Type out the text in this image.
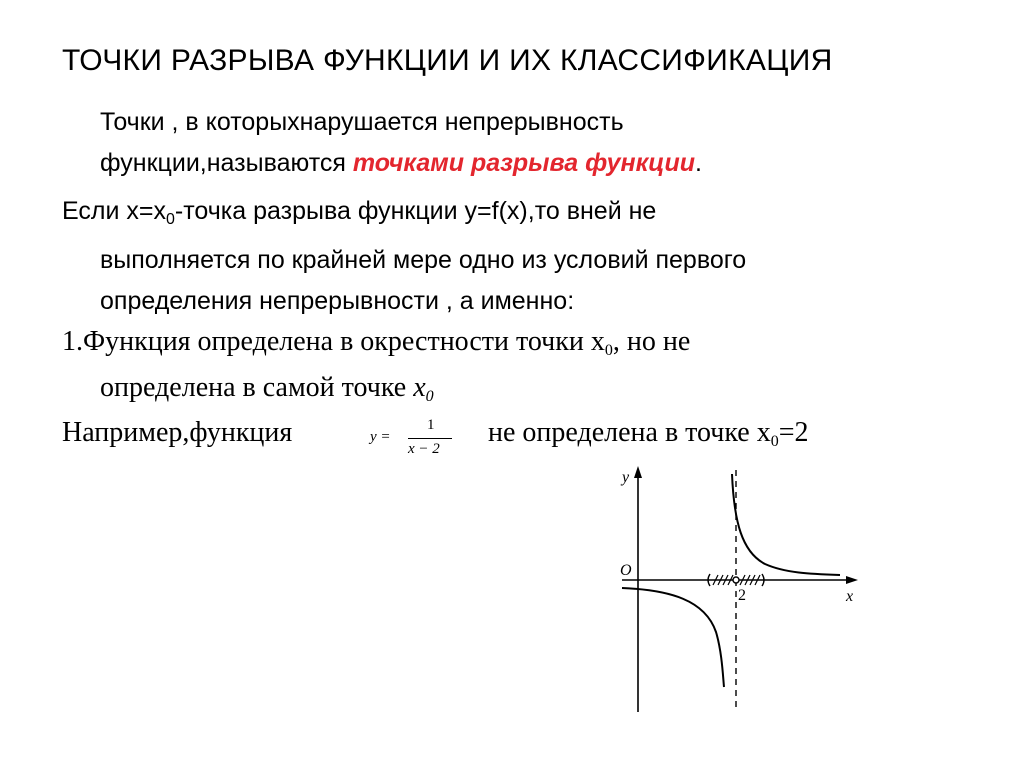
ТОЧКИ РАЗРЫВА ФУНКЦИИ И ИХ КЛАССИФИКАЦИЯ
Точки , в которыхнарушается непрерывность
функции,называются точками разрыва функции.
Если $x=x_0$-точка разрыва функции y=f(x),то вней не
выполняется по крайней мере одно из условий первого
определения непрерывности , а именно:
1.Функция определена в окрестности точки $x_0$, но не
определена в самой точке $x_0$
Например,функция	y =
1
x − 2
не определена в точке $x_0=2$
y
x
O
2
